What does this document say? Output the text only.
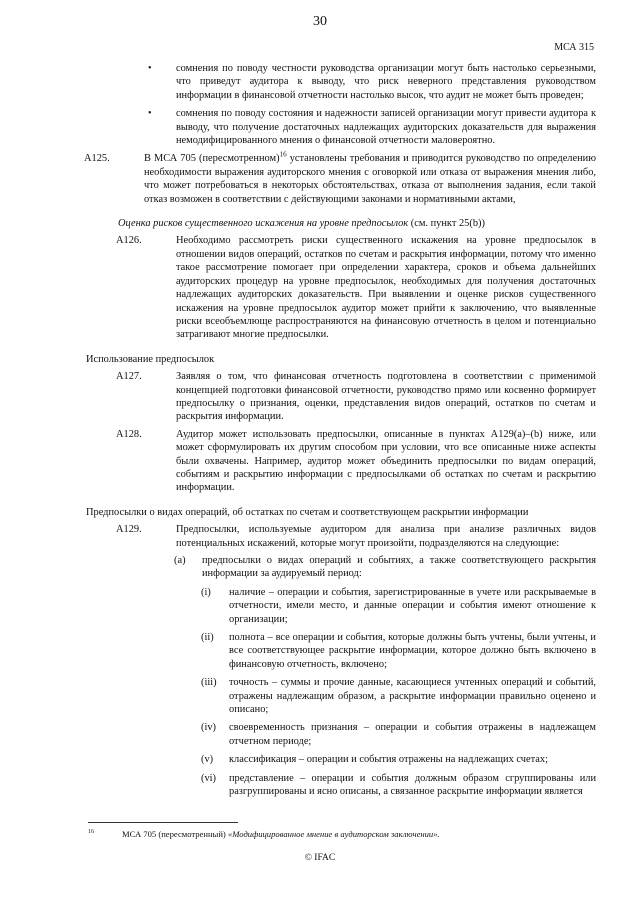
30
МСА 315

• сомнения по поводу честности руководства организации могут быть настолько серьезными, что приведут аудитора к выводу, что риск неверного представления руководством информации в финансовой отчетности настолько высок, что аудит не может быть проведен;

• сомнения по поводу состояния и надежности записей организации могут привести аудитора к выводу, что получение достаточных надлежащих аудиторских доказательств для выражения немодифицированного мнения о финансовой отчетности маловероятно.

A125.	В МСА 705 (пересмотренном)$^{16}$ установлены требования и приводится руководство по определению необходимости выражения аудиторского мнения с оговоркой или отказа от выражения мнения либо, что может потребоваться в некоторых обстоятельствах, отказа от выполнения задания, если такой отказ возможен в соответствии с действующими законами и нормативными актами,

Оценка рисков существенного искажения на уровне предпосылок (см. пункт 25(b))

A126.	Необходимо рассмотреть риски существенного искажения на уровне предпосылок в отношении видов операций, остатков по счетам и раскрытия информации, потому что именно такое рассмотрение помогает при определении характера, сроков и объема дальнейших аудиторских процедур на уровне предпосылок, необходимых для получения достаточных надлежащих аудиторских доказательств. При выявлении и оценке рисков существенного искажения на уровне предпосылок аудитор может прийти к заключению, что выявленные риски всеобъемлюще распространяются на финансовую отчетность в целом и потенциально затрагивают многие предпосылки.

Использование предпосылок

A127.	Заявляя о том, что финансовая отчетность подготовлена в соответствии с применимой концепцией подготовки финансовой отчетности, руководство прямо или косвенно формирует предпосылку о признания, оценки, представления видов операций, остатков по счетам и раскрытия информации.

A128.	Аудитор может использовать предпосылки, описанные в пунктах A129(a)–(b) ниже, или может сформулировать их другим способом при условии, что все описанные ниже аспекты были охвачены. Например, аудитор может объединить предпосылки по видам операций, событиям и раскрытию информации с предпосылками об остатках по счетам и раскрытию информации.

Предпосылки о видах операций, об остатках по счетам и соответствующем раскрытии информации

A129.	Предпосылки, используемые аудитором для анализа при анализе различных видов потенциальных искажений, которые могут произойти, подразделяются на следующие:

(a) предпосылки о видах операций и событиях, а также соответствующего раскрытия информации за аудируемый период:

(i) наличие – операции и события, зарегистрированные в учете или раскрываемые в отчетности, имели место, и данные операции и события имеют отношение к организации;

(ii) полнота – все операции и события, которые должны быть учтены, были учтены, и все соответствующее раскрытие информации, которое должно быть включено в финансовую отчетность, включено;

(iii) точность – суммы и прочие данные, касающиеся учтенных операций и событий, отражены надлежащим образом, а раскрытие информации правильно оценено и описано;

(iv) своевременность признания – операции и события отражены в надлежащем отчетном периоде;

(v) классификация – операции и события отражены на надлежащих счетах;

(vi) представление – операции и события должным образом сгруппированы или разгруппированы и ясно описаны, а связанное раскрытие информации является

16	МСА 705 (пересмотренный) «Модифицированное мнение в аудиторском заключении».
© IFAC
